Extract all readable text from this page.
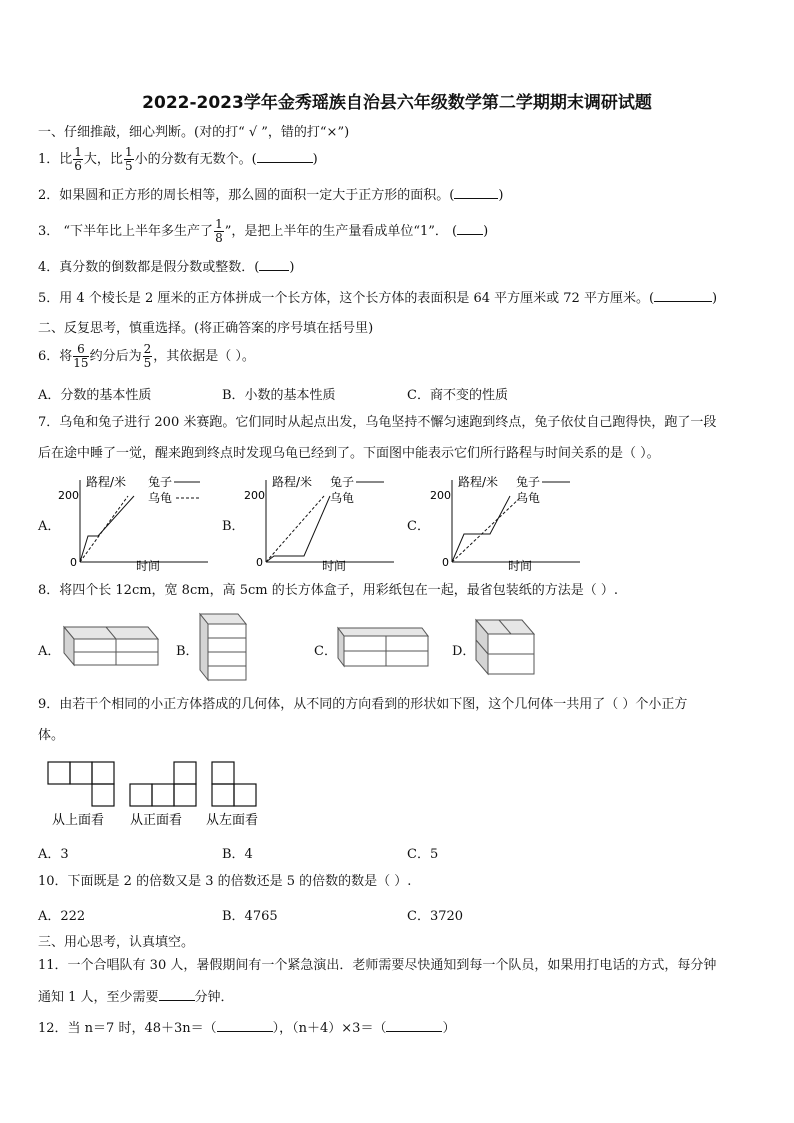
2022-2023学年金秀瑶族自治县六年级数学第二学期期末调研试题
一、仔细推敲，细心判断。(对的打“ √ ”，错的打“×”)
1．比 $\frac{1}{6}$ 大，比 $\frac{1}{5}$ 小的分数有无数个。(	)
2．如果圆和正方形的周长相等，那么圆的面积一定大于正方形的面积。(	)
3． “下半年比上半年多生产了 $\frac{1}{8}$ ”，是把上半年的生产量看成单位“1”． ( )
4．真分数的倒数都是假分数或整数．( )
5．用 4 个棱长是 2 厘米的正方体拼成一个长方体，这个长方体的表面积是 64 平方厘米或 72 平方厘米。(	)
二、反复思考，慎重选择。(将正确答案的序号填在括号里)
6．将 $\frac{6}{15}$ 约分后为 $\frac{2}{5}$ ，其依据是（ ）。
A．分数的基本性质	B．小数的基本性质	C．商不变的性质
7．乌龟和兔子进行 200 米赛跑。它们同时从起点出发，乌龟坚持不懈匀速跑到终点，兔子依仗自己跑得快，跑了一段
后在途中睡了一觉，醒来跑到终点时发现乌龟已经到了。下面图中能表示它们所行路程与时间关系的是（ ）。
A．
路程/米
200
0	时间
兔子
乌龟
B．
路程/米
200
0	时间
兔子
乌龟
C．
路程/米
200
0	时间
兔子
乌龟
8．将四个长 12cm，宽 8cm，高 5cm 的长方体盒子，用彩纸包在一起，最省包装纸的方法是（ ）.
A．	B．	C．	D．
9．由若干个相同的小正方体搭成的几何体，从不同的方向看到的形状如下图，这个几何体一共用了（ ）个小正方
体。
从上面看 从正面看 从左面看
A．3	B．4	C．5
10．下面既是 2 的倍数又是 3 的倍数还是 5 的倍数的数是（ ）.
A．222	B．4765	C．3720
三、用心思考，认真填空。
11．一个合唱队有 30 人，暑假期间有一个紧急演出．老师需要尽快通知到每一个队员，如果用打电话的方式，每分钟
通知 1 人，至少需要	分钟．
12．当 n＝7 时，48＋3n＝（	），（n＋4）×3＝（	）
